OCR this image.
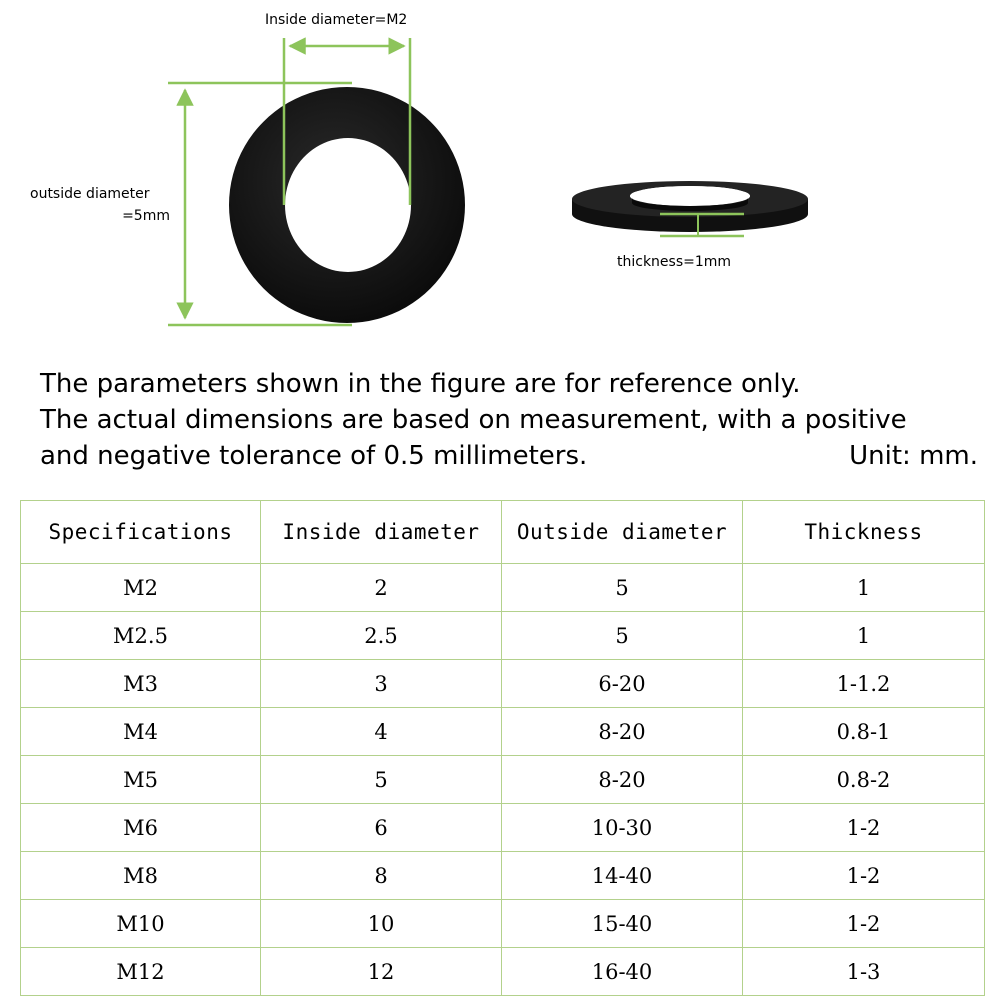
Inside diameter=M2
outside diameter
=5mm
thickness=1mm
The parameters shown in the figure are for reference only.
The actual dimensions are based on measurement, with a positive
and negative tolerance of 0.5 millimeters.	Unit: mm.
Specifications	Inside diameter	Outside diameter	Thickness
M2	2	5	1
M2.5	2.5	5	1
M3	3	6-20	1-1.2
M4	4	8-20	0.8-1
M5	5	8-20	0.8-2
M6	6	10-30	1-2
M8	8	14-40	1-2
M10	10	15-40	1-2
M12	12	16-40	1-3
